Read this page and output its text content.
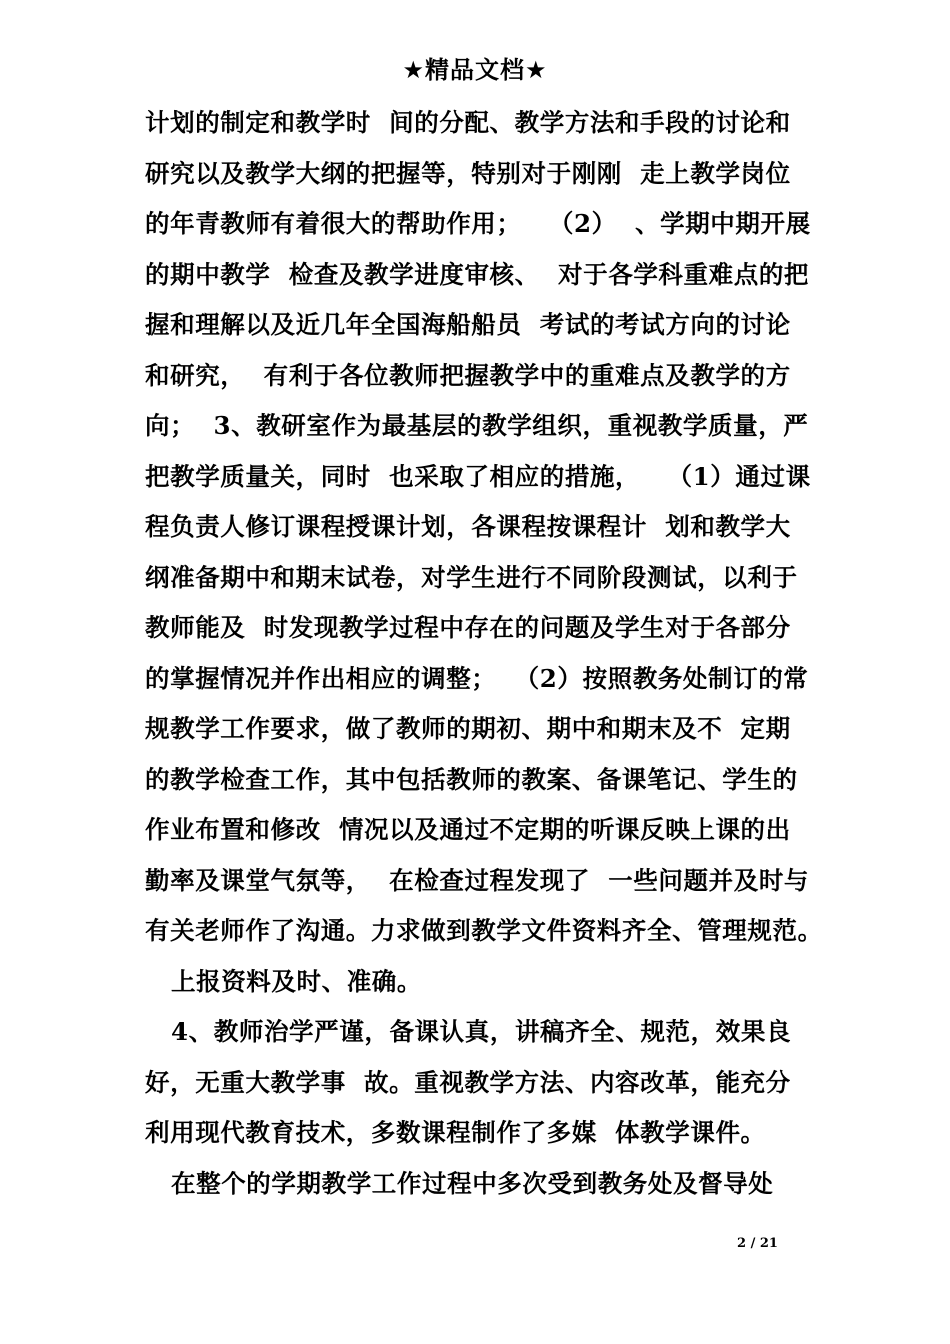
★精品文档★
计划的制定和教学时  间的分配、教学方法和手段的讨论和
研究以及教学大纲的把握等，特别对于刚刚  走上教学岗位
的年青教师有着很大的帮助作用；   （2）  、学期中期开展
的期中教学  检查及教学进度审核、  对于各学科重难点的把
握和理解以及近几年全国海船船员  考试的考试方向的讨论
和研究，  有利于各位教师把握教学中的重难点及教学的方
向；  3、教研室作为最基层的教学组织，重视教学质量，严
把教学质量关，同时  也采取了相应的措施，   （1）通过课
程负责人修订课程授课计划，各课程按课程计  划和教学大
纲准备期中和期末试卷，对学生进行不同阶段测试，以利于
教师能及  时发现教学过程中存在的问题及学生对于各部分
的掌握情况并作出相应的调整；  （2）按照教务处制订的常
规教学工作要求，做了教师的期初、期中和期末及不  定期
的教学检查工作，其中包括教师的教案、备课笔记、学生的
作业布置和修改  情况以及通过不定期的听课反映上课的出
勤率及课堂气氛等，  在检查过程发现了  一些问题并及时与
有关老师作了沟通。力求做到教学文件资料齐全、管理规范。
上报资料及时、准确。
4、教师治学严谨，备课认真，讲稿齐全、规范，效果良
好，无重大教学事  故。重视教学方法、内容改革，能充分
利用现代教育技术，多数课程制作了多媒  体教学课件。
在整个的学期教学工作过程中多次受到教务处及督导处
2 / 21
